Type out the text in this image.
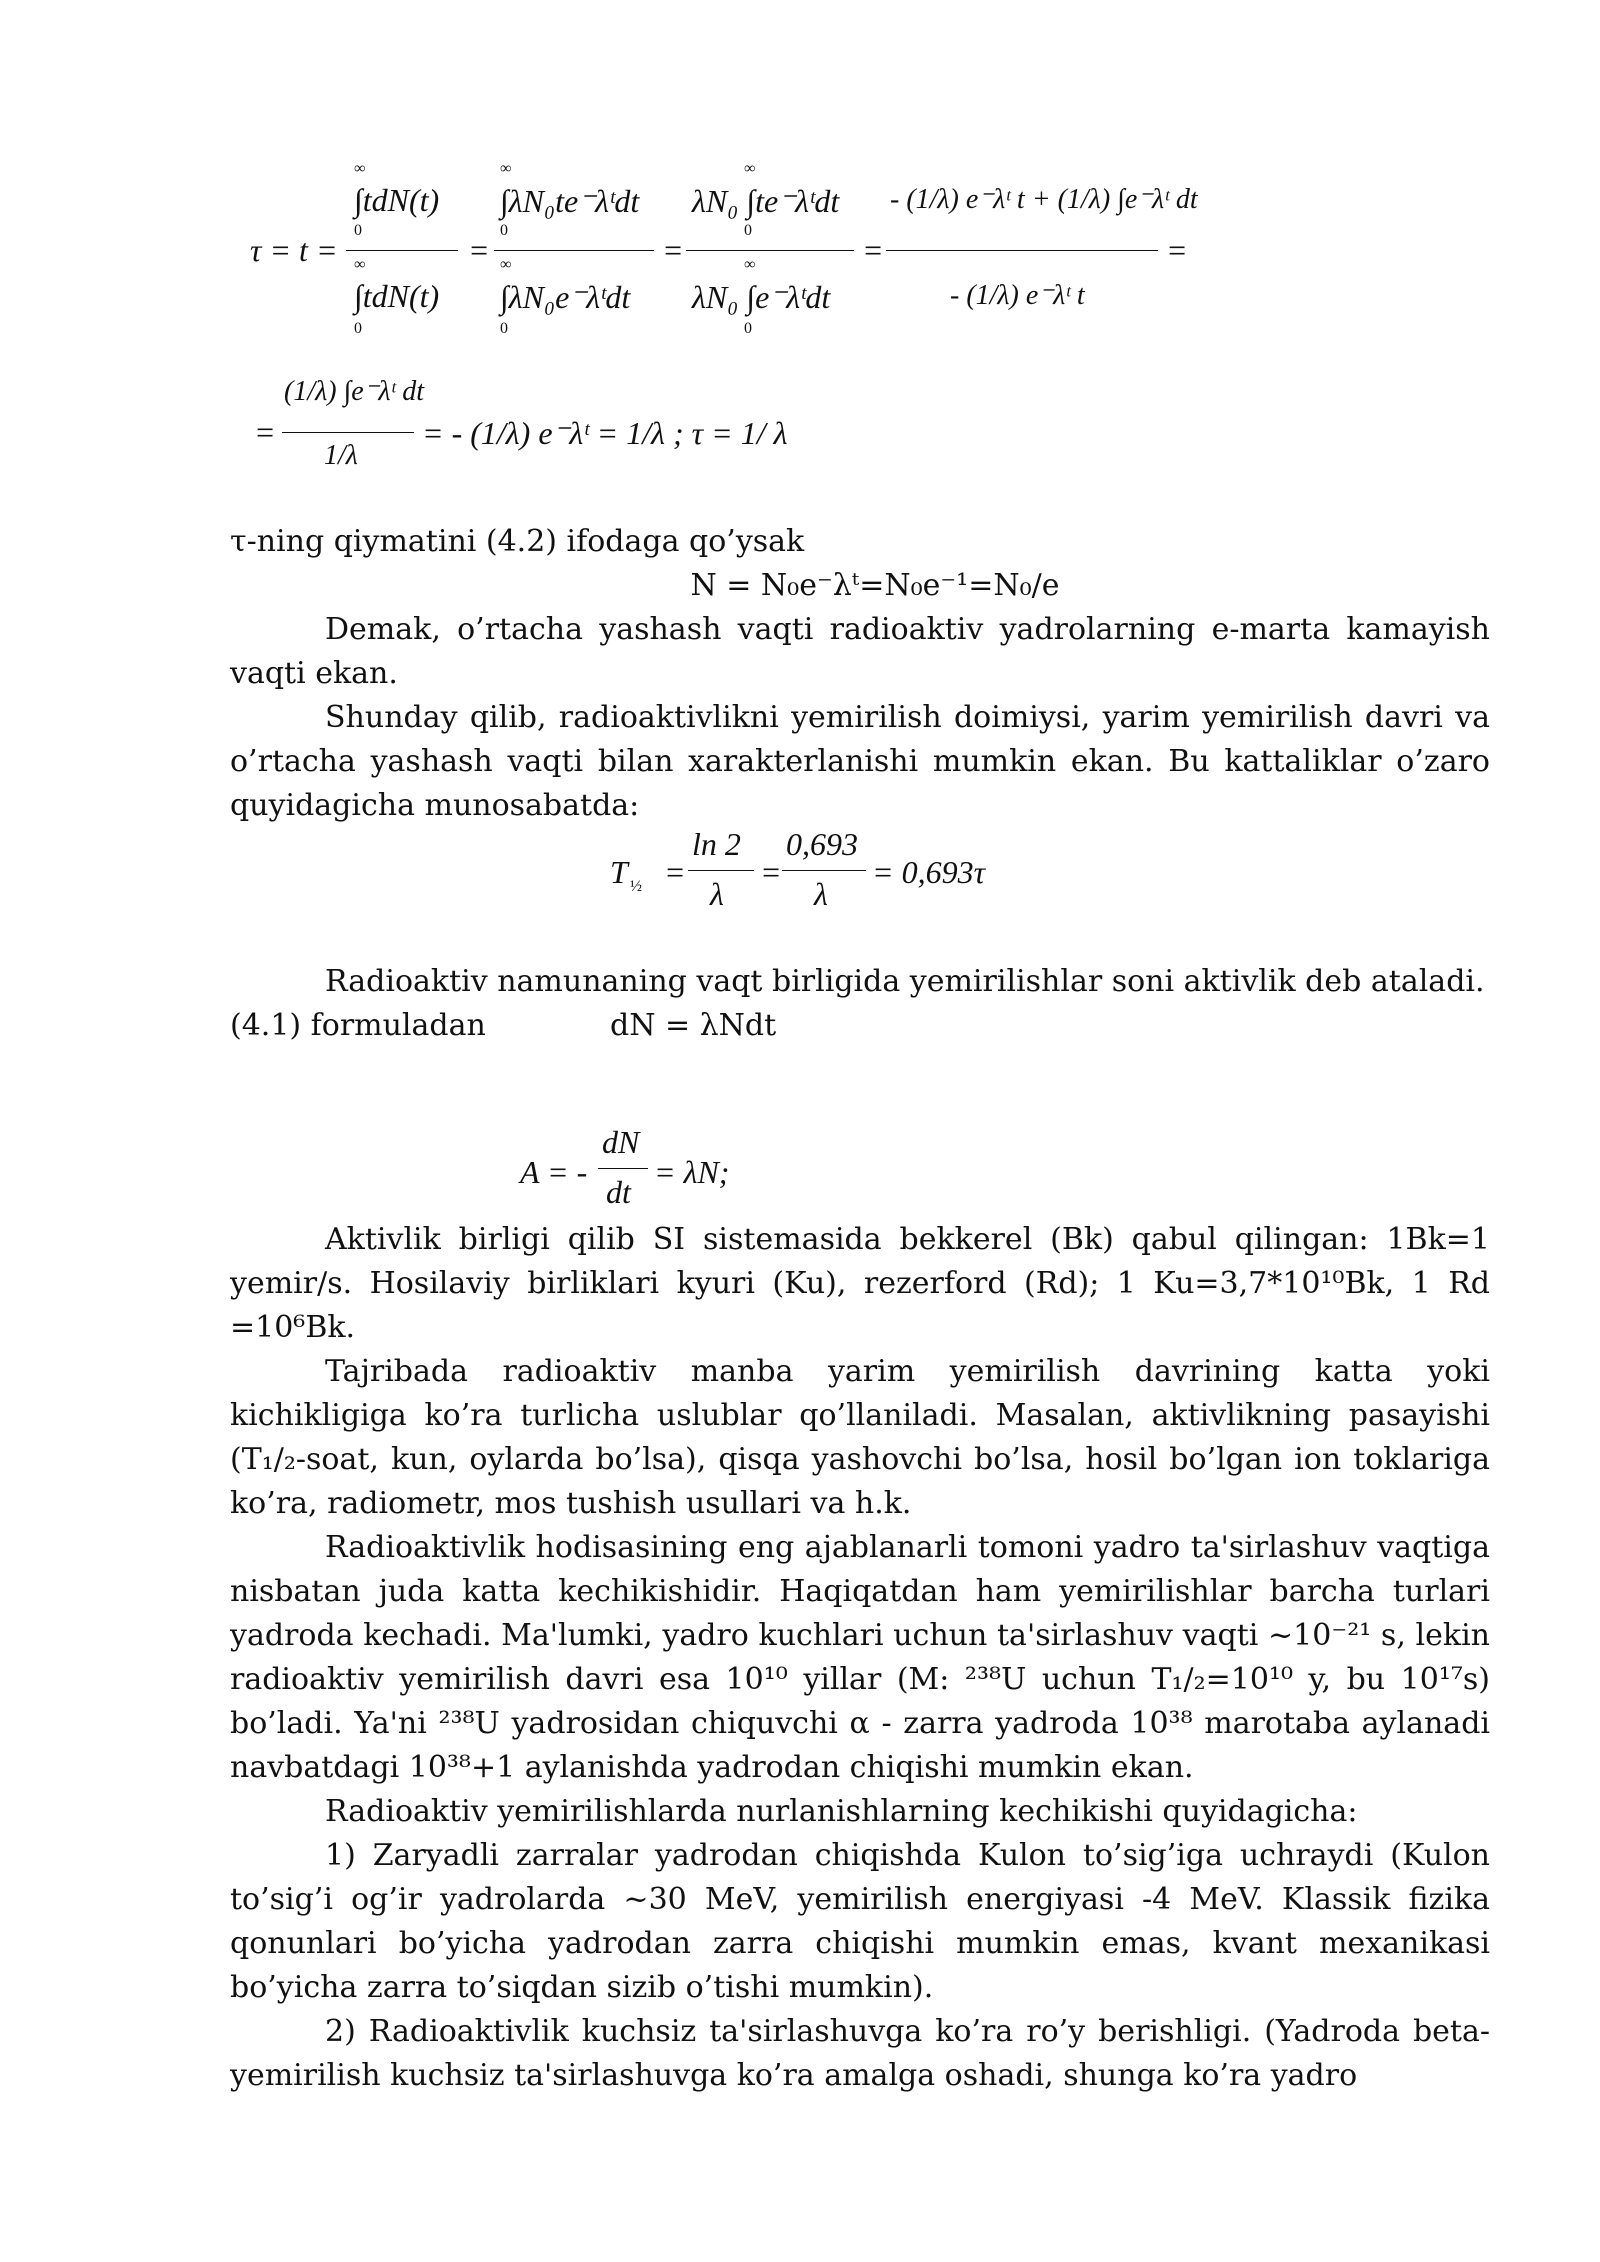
τ = t =
∞
∫tdN(t)
0
∞
∫tdN(t)
0
=
∞
∫λN₀te⁻λᵗdt
0
∞
∫λN₀e⁻λᵗdt
0
=
∞
λN₀ ∫te⁻λᵗdt
0
∞
λN₀ ∫e⁻λᵗdt
0
=
- (1/λ) e⁻λᵗ t + (1/λ) ∫e⁻λᵗ dt
- (1/λ) e⁻λᵗ t
=
=
(1/λ) ∫e⁻λᵗ dt
1/λ
= - (1/λ) e⁻λᵗ = 1/λ ; τ = 1/ λ

τ-ning qiymatini (4.2) ifodaga qo’ysak

N = N₀e⁻λᵗ=N₀e⁻¹=N₀/e

Demak, o’rtacha yashash vaqti radioaktiv yadrolarning e-marta kamayish vaqti ekan.

Shunday qilib, radioaktivlikni yemirilish doimiysi, yarim yemirilish davri va o’rtacha yashash vaqti bilan xarakterlanishi mumkin ekan. Bu kattaliklar o’zaro quyidagicha munosabatda:

T ½ =
ln 2
λ
=
0,693
λ
= 0,693τ

Radioaktiv namunaning vaqt birligida yemirilishlar soni aktivlik deb ataladi.

(4.1) formuladan	dN = λNdt

A = -
dN
dt
= λN;

Aktivlik birligi qilib SI sistemasida bekkerel (Bk) qabul qilingan: 1Bk=1 yemir/s. Hosilaviy birliklari kyuri (Ku), rezerford (Rd); 1 Ku=3,7*10¹⁰Bk, 1 Rd =10⁶Bk.

Tajribada radioaktiv manba yarim yemirilish davrining katta yoki kichikligiga ko’ra turlicha uslublar qo’llaniladi. Masalan, aktivlikning pasayishi (T₁/₂-soat, kun, oylarda bo’lsa), qisqa yashovchi bo’lsa, hosil bo’lgan ion toklariga ko’ra, radiometr, mos tushish usullari va h.k.

Radioaktivlik hodisasining eng ajablanarli tomoni yadro ta'sirlashuv vaqtiga nisbatan juda katta kechikishidir. Haqiqatdan ham yemirilishlar barcha turlari yadroda kechadi. Ma'lumki, yadro kuchlari uchun ta'sirlashuv vaqti ~10⁻²¹ s, lekin radioaktiv yemirilish davri esa 10¹⁰ yillar (M: ²³⁸U uchun T₁/₂=10¹⁰ y, bu 10¹⁷s) bo’ladi. Ya'ni ²³⁸U yadrosidan chiquvchi α - zarra yadroda 10³⁸ marotaba aylanadi navbatdagi 10³⁸+1 aylanishda yadrodan chiqishi mumkin ekan.

Radioaktiv yemirilishlarda nurlanishlarning kechikishi quyidagicha:

1) Zaryadli zarralar yadrodan chiqishda Kulon to’sig’iga uchraydi (Kulon to’sig’i og’ir yadrolarda ~30 MeV, yemirilish energiyasi -4 MeV. Klassik fizika qonunlari bo’yicha yadrodan zarra chiqishi mumkin emas, kvant mexanikasi bo’yicha zarra to’siqdan sizib o’tishi mumkin).

2) Radioaktivlik kuchsiz ta'sirlashuvga ko’ra ro’y berishligi. (Yadroda beta-yemirilish kuchsiz ta'sirlashuvga ko’ra amalga oshadi, shunga ko’ra yadro
